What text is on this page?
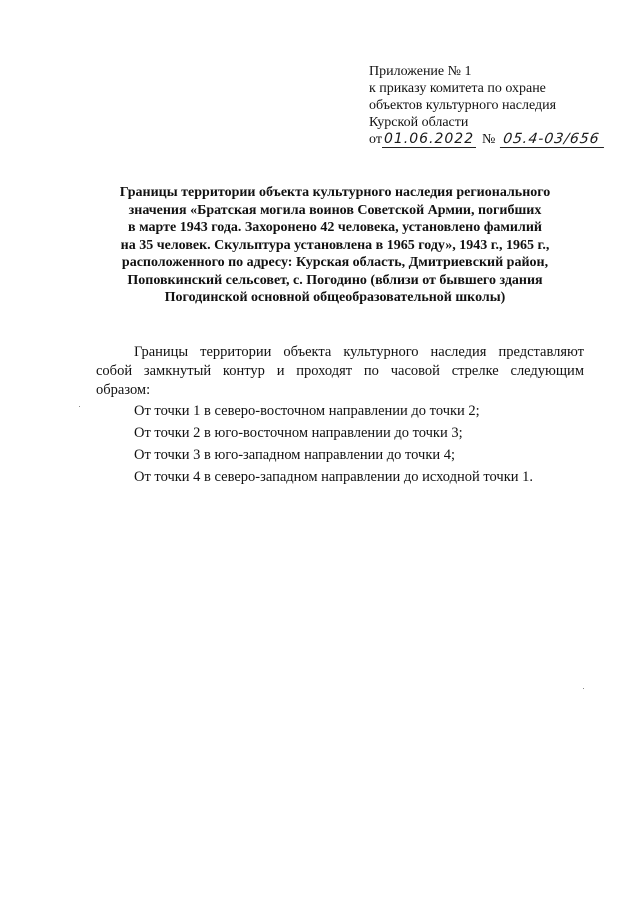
Приложение № 1
к приказу комитета по охране
объектов культурного наследия
Курской области
от 01.06.2022 № 05.4-03/656
Границы территории объекта культурного наследия регионального
значения «Братская могила воинов Советской Армии, погибших
в марте 1943 года. Захоронено 42 человека, установлено фамилий
на 35 человек. Скульптура установлена в 1965 году», 1943 г., 1965 г.,
расположенного по адресу: Курская область, Дмитриевский район,
Поповкинский сельсовет, с. Погодино (вблизи от бывшего здания
Погодинской основной общеобразовательной школы)
Границы территории объекта культурного наследия представляют
собой замкнутый контур и проходят по часовой стрелке следующим
образом:
От точки 1 в северо-восточном направлении до точки 2;
От точки 2 в юго-восточном направлении до точки 3;
От точки 3 в юго-западном направлении до точки 4;
От точки 4 в северо-западном направлении до исходной точки 1.
